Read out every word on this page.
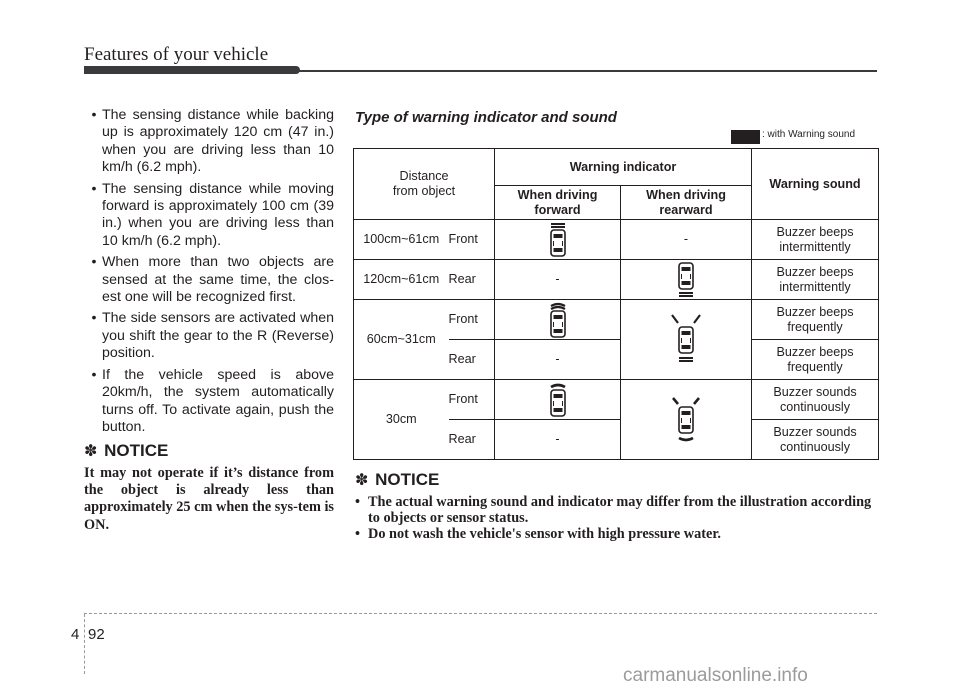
Features of your vehicle
• The sensing distance while backing up is approximately 120 cm (47 in.) when you are driving less than 10 km/h (6.2 mph).
• The sensing distance while moving forward is approximately 100 cm (39 in.) when you are driving less than 10 km/h (6.2 mph).
• When more than two objects are sensed at the same time, the clos-est one will be recognized first.
• The side sensors are activated when you shift the gear to the R (Reverse) position.
• If the vehicle speed is above 20km/h, the system automatically turns off. To activate again, push the button.
✽ NOTICE

It may not operate if it’s distance from the object is already less than approximately 25 cm when the sys-tem is ON.

Type of warning indicator and sound
: with Warning sound
Distance
from object		Warning indicator		Warning sound
		When driving
forward	When driving
rearward	
100cm~61cm	Front		-	Buzzer beeps
intermittently
120cm~61cm	Rear	-		Buzzer beeps
intermittently
60cm~31cm	Front			Buzzer beeps
frequently
	Rear	-		Buzzer beeps
frequently
30cm	Front			Buzzer sounds
continuously
	Rear	-		Buzzer sounds
continuously
✽ NOTICE
• The actual warning sound and indicator may differ from the illustration according to objects or sensor status.
• Do not wash the vehicle's sensor with high pressure water.
4 92
carmanualsonline.info
